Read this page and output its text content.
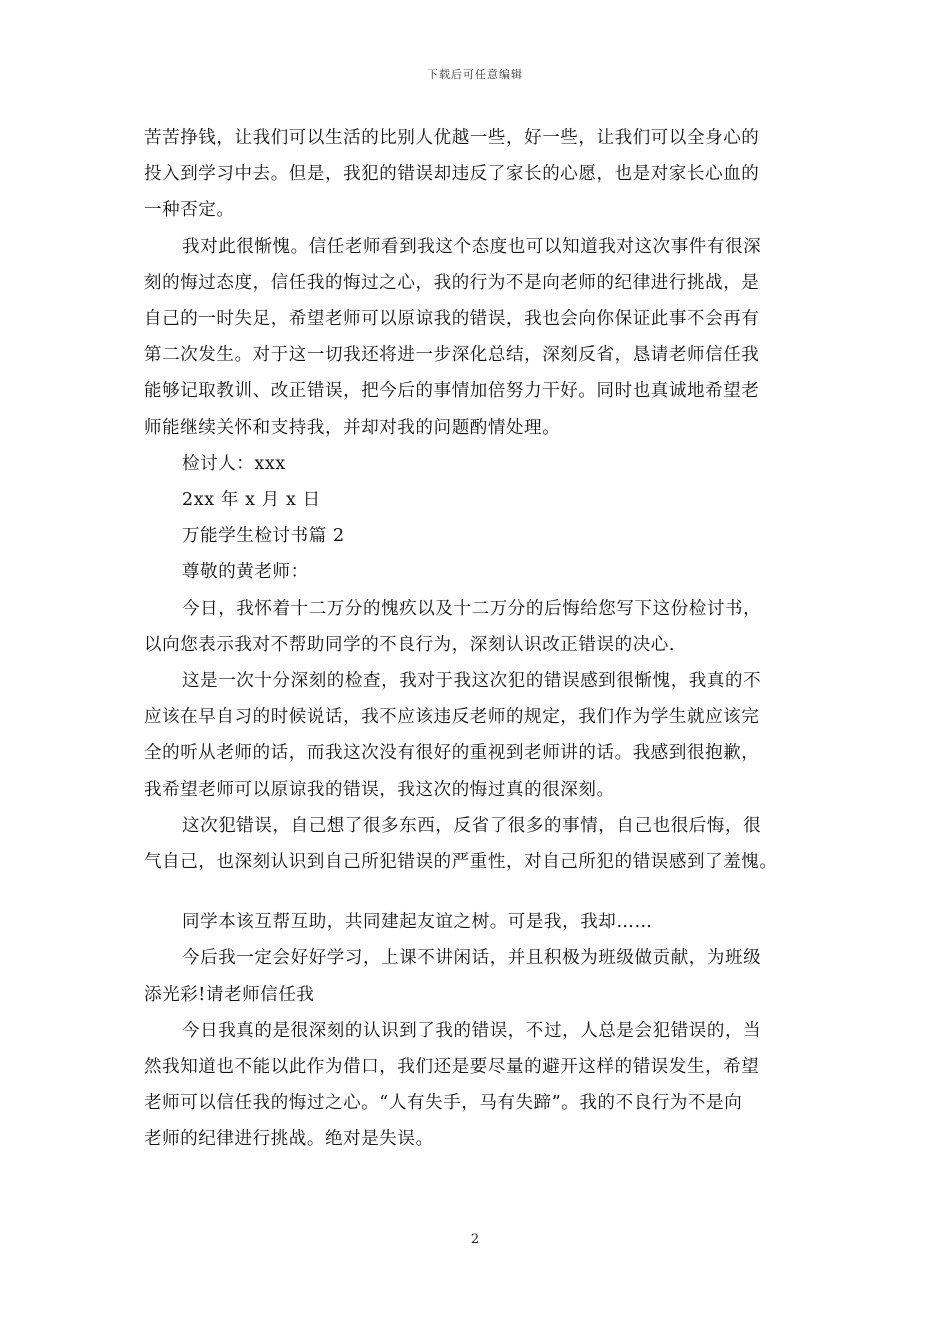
下载后可任意编辑

苦苦挣钱，让我们可以生活的比别人优越一些，好一些，让我们可以全身心的
投入到学习中去。但是，我犯的错误却违反了家长的心愿，也是对家长心血的
一种否定。

我对此很惭愧。信任老师看到我这个态度也可以知道我对这次事件有很深
刻的悔过态度，信任我的悔过之心，我的行为不是向老师的纪律进行挑战，是
自己的一时失足，希望老师可以原谅我的错误，我也会向你保证此事不会再有
第二次发生。对于这一切我还将进一步深化总结，深刻反省，恳请老师信任我
能够记取教训、改正错误，把今后的事情加倍努力干好。同时也真诚地希望老
师能继续关怀和支持我，并却对我的问题酌情处理。

检讨人：xxx

2xx 年 x 月 x 日

万能学生检讨书篇 2

尊敬的黄老师：

今日，我怀着十二万分的愧疚以及十二万分的后悔给您写下这份检讨书，
以向您表示我对不帮助同学的不良行为，深刻认识改正错误的决心.

这是一次十分深刻的检查，我对于我这次犯的错误感到很惭愧，我真的不
应该在早自习的时候说话，我不应该违反老师的规定，我们作为学生就应该完
全的听从老师的话，而我这次没有很好的重视到老师讲的话。我感到很抱歉，
我希望老师可以原谅我的错误，我这次的悔过真的很深刻。

这次犯错误，自己想了很多东西，反省了很多的事情，自己也很后悔，很
气自己，也深刻认识到自己所犯错误的严重性，对自己所犯的错误感到了羞愧。

同学本该互帮互助，共同建起友谊之树。可是我，我却……

今后我一定会好好学习，上课不讲闲话，并且积极为班级做贡献，为班级
添光彩!请老师信任我

今日我真的是很深刻的认识到了我的错误，不过，人总是会犯错误的，当
然我知道也不能以此作为借口，我们还是要尽量的避开这样的错误发生，希望
老师可以信任我的悔过之心。“人有失手，马有失蹄”。我的不良行为不是向
老师的纪律进行挑战。绝对是失误。

2
